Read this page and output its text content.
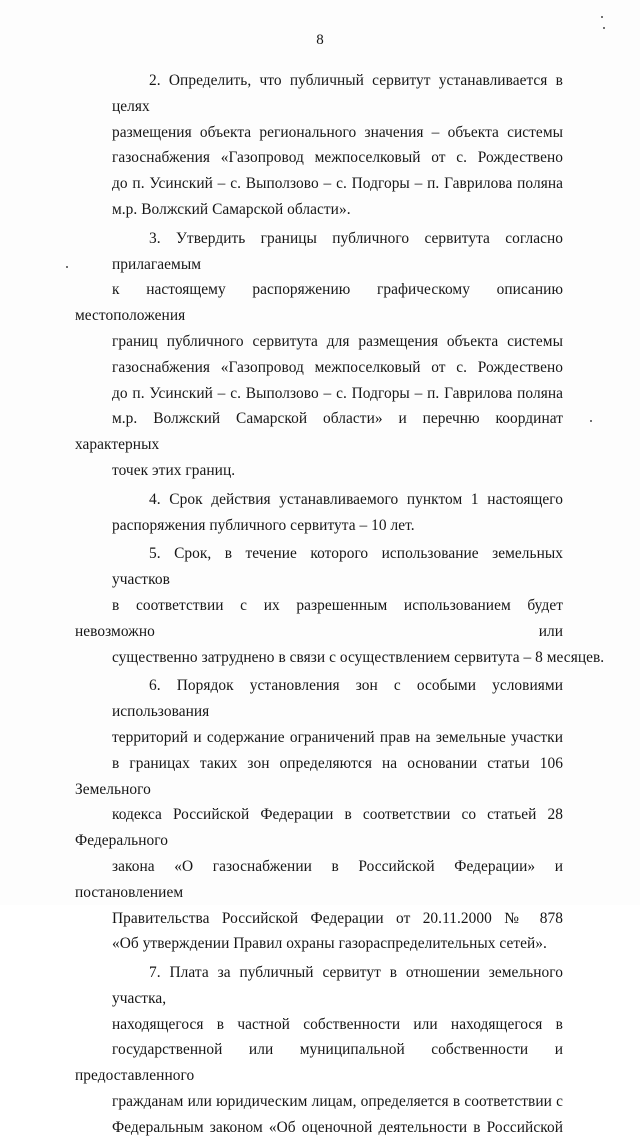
8

2. Определить, что публичный сервитут устанавливается в целях
размещения объекта регионального значения – объекта системы
газоснабжения «Газопровод межпоселковый от с. Рождествено
до п. Усинский – с. Выползово – с. Подгоры – п. Гаврилова поляна
м.р. Волжский Самарской области».

3. Утвердить границы публичного сервитута согласно прилагаемым
к настоящему распоряжению графическому описанию местоположения
границ публичного сервитута для размещения объекта системы
газоснабжения «Газопровод межпоселковый от с. Рождествено
до п. Усинский – с. Выползово – с. Подгоры – п. Гаврилова поляна
м.р. Волжский Самарской области» и перечню координат характерных
точек этих границ.

4. Срок действия устанавливаемого пунктом 1 настоящего
распоряжения публичного сервитута – 10 лет.

5. Срок, в течение которого использование земельных участков
в соответствии с их разрешенным использованием будет невозможно или
существенно затруднено в связи с осуществлением сервитута – 8 месяцев.

6. Порядок установления зон с особыми условиями использования
территорий и содержание ограничений прав на земельные участки
в границах таких зон определяются на основании статьи 106 Земельного
кодекса Российской Федерации в соответствии со статьей 28 Федерального
закона «О газоснабжении в Российской Федерации» и постановлением
Правительства Российской Федерации от 20.11.2000 № 878
«Об утверждении Правил охраны газораспределительных сетей».

7. Плата за публичный сервитут в отношении земельного участка,
находящегося в частной собственности или находящегося в
государственной или муниципальной собственности и предоставленного
гражданам или юридическим лицам, определяется в соответствии с
Федеральным законом «Об оценочной деятельности в Российской
